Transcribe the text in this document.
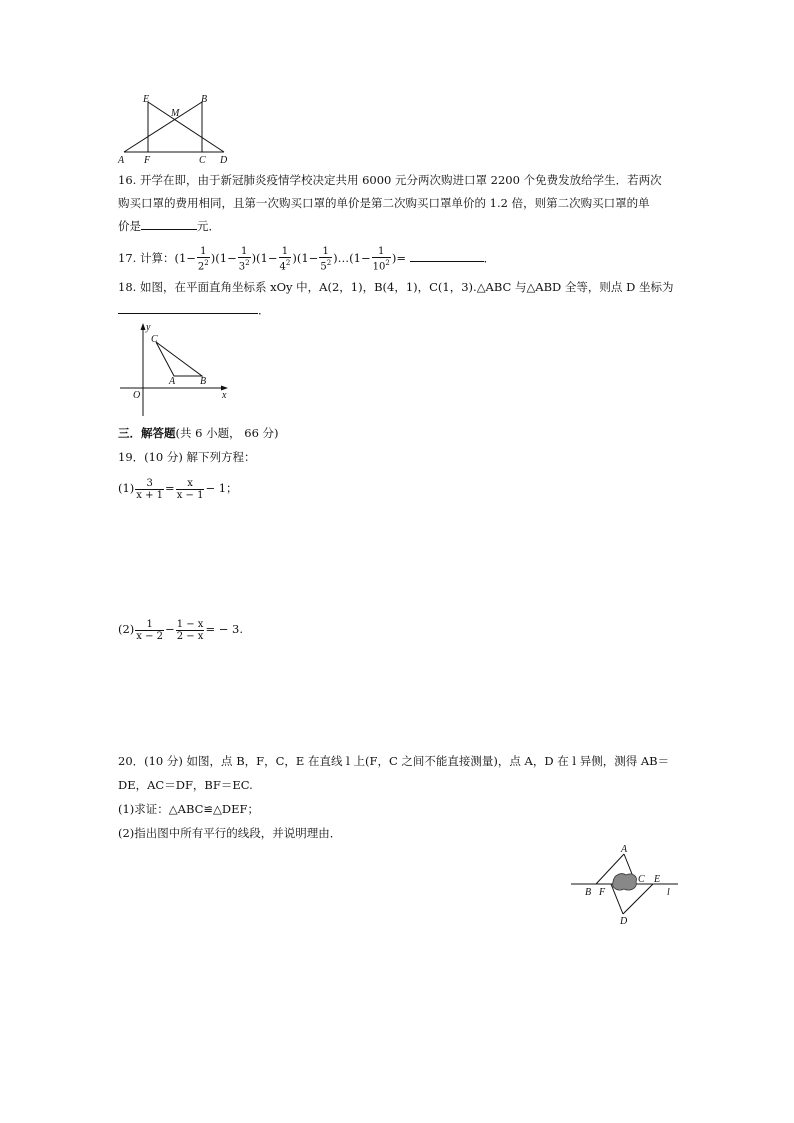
E	B
M
A F	C D
16. 开学在即，由于新冠肺炎疫情学校决定共用 6000 元分两次购进口罩 2200 个免费发放给学生．若两次
购买口罩的费用相同，且第一次购买口罩的单价是第二次购买口罩单价的 1.2 倍，则第二次购买口罩的单
价是	元．
17. 计算：$(1- \frac{1}{2^2} )(1- \frac{1}{3^2} )(1- \frac{1}{4^2} )(1- \frac{1}{5^2}$ )…(1− $\frac{1}{10^2}$ )=	．
18. 如图，在平面直角坐标系 xOy 中，A(2，1)，B(4，1)，C(1，3).△ABC 与△ABD 全等，则点 D 坐标为
．
y
x
O
C
A B
三．解答题(共 6 小题， 66 分)
19．(10 分) 解下列方程：
$(1) \frac{3}{x + 1} = \frac{x}{x - 1} - 1$；
$(2) \frac{1}{x - 2} - \frac{1 - x}{2 - x}$ = − 3.
20．(10 分) 如图，点 B，F，C，E 在直线 l 上(F，C 之间不能直接测量)，点 A，D 在 l 异侧，测得 AB＝
DE，AC＝DF，BF＝EC.
(1)求证：△ABC≌△DEF；
(2)指出图中所有平行的线段，并说明理由．
A
B F
C E
l
D
